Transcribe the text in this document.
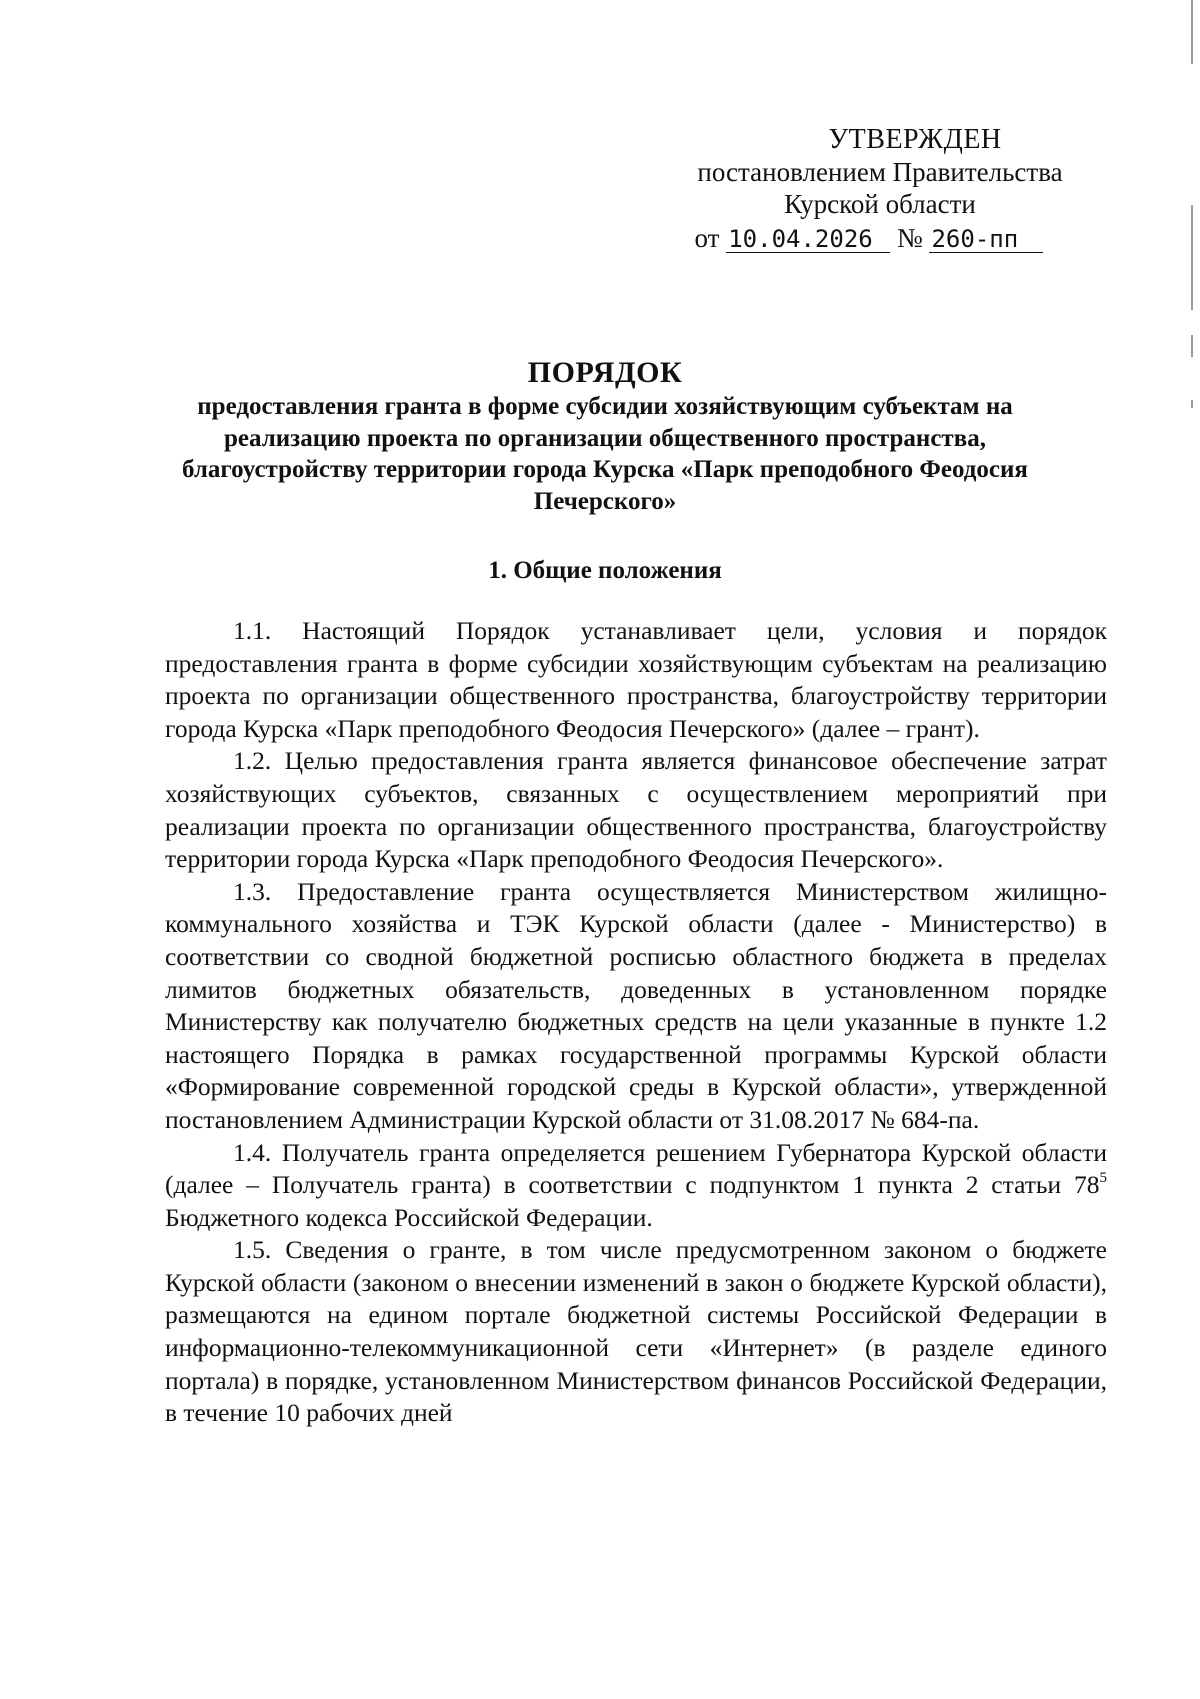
УТВЕРЖДЕН
постановлением Правительства
Курской области
от 10.04.2026 № 260-пп
ПОРЯДОК
предоставления гранта в форме субсидии хозяйствующим субъектам на реализацию проекта по организации общественного пространства, благоустройству территории города Курска «Парк преподобного Феодосия Печерского»
1. Общие положения

1.1. Настоящий Порядок устанавливает цели, условия и порядок предоставления гранта в форме субсидии хозяйствующим субъектам на реализацию проекта по организации общественного пространства, благоустройству территории города Курска «Парк преподобного Феодосия Печерского» (далее – грант).

1.2. Целью предоставления гранта является финансовое обеспечение затрат хозяйствующих субъектов, связанных с осуществлением мероприятий при реализации проекта по организации общественного пространства, благоустройству территории города Курска «Парк преподобного Феодосия Печерского».

1.3. Предоставление гранта осуществляется Министерством жилищно-коммунального хозяйства и ТЭК Курской области (далее - Министерство) в соответствии со сводной бюджетной росписью областного бюджета в пределах лимитов бюджетных обязательств, доведенных в установленном порядке Министерству как получателю бюджетных средств на цели указанные в пункте 1.2 настоящего Порядка в рамках государственной программы Курской области «Формирование современной городской среды в Курской области», утвержденной постановлением Администрации Курской области от 31.08.2017 № 684-па.

1.4. Получатель гранта определяется решением Губернатора Курской области (далее – Получатель гранта) в соответствии с подпунктом 1 пункта 2 статьи $78^5$ Бюджетного кодекса Российской Федерации.

1.5. Сведения о гранте, в том числе предусмотренном законом о бюджете Курской области (законом о внесении изменений в закон о бюджете Курской области), размещаются на едином портале бюджетной системы Российской Федерации в информационно-телекоммуникационной сети «Интернет» (в разделе единого портала) в порядке, установленном Министерством финансов Российской Федерации, в течение 10 рабочих дней
